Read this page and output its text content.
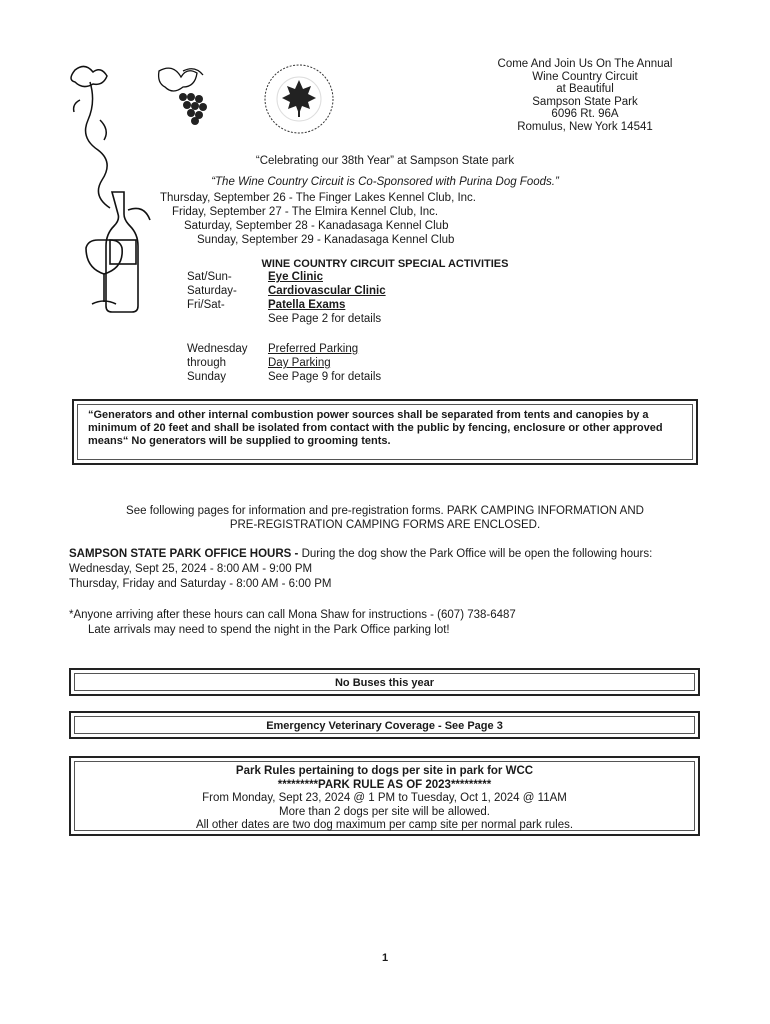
Come And Join Us On The Annual
Wine Country Circuit
at Beautiful
Sampson State Park
6096 Rt. 96A
Romulus, New York 14541
“Celebrating our 38th Year” at Sampson State park
“The Wine Country Circuit is Co-Sponsored with Purina Dog Foods.”
Thursday, September 26 - The Finger Lakes Kennel Club, Inc.
Friday, September 27 - The Elmira Kennel Club, Inc.
Saturday, September 28 - Kanadasaga Kennel Club
Sunday, September 29 - Kanadasaga Kennel Club
WINE COUNTRY CIRCUIT SPECIAL ACTIVITIES
Sat/Sun-	Eye Clinic
Saturday-	Cardiovascular Clinic
Fri/Sat-	Patella Exams
See Page 2 for details
Wednesday Preferred Parking
through	Day Parking
Sunday	See Page 9 for details
“Generators and other internal combustion power sources shall be separated from tents and canopies by a minimum of 20 feet and shall be isolated from contact with the public by fencing, enclosure or other approved means“ No generators will be supplied to grooming tents.
See following pages for information and pre-registration forms. PARK CAMPING INFORMATION AND
PRE-REGISTRATION CAMPING FORMS ARE ENCLOSED.
SAMPSON STATE PARK OFFICE HOURS - During the dog show the Park Office will be open the following hours: Wednesday, Sept 25, 2024 - 8:00 AM - 9:00 PM
Thursday, Friday and Saturday - 8:00 AM - 6:00 PM
*Anyone arriving after these hours can call Mona Shaw for instructions - (607) 738-6487
Late arrivals may need to spend the night in the Park Office parking lot!
No Buses this year
Emergency Veterinary Coverage - See Page 3
Park Rules pertaining to dogs per site in park for WCC
*********PARK RULE AS OF 2023*********
From Monday, Sept 23, 2024 @ 1 PM to Tuesday, Oct 1, 2024 @ 11AM
More than 2 dogs per site will be allowed.
All other dates are two dog maximum per camp site per normal park rules.
1
